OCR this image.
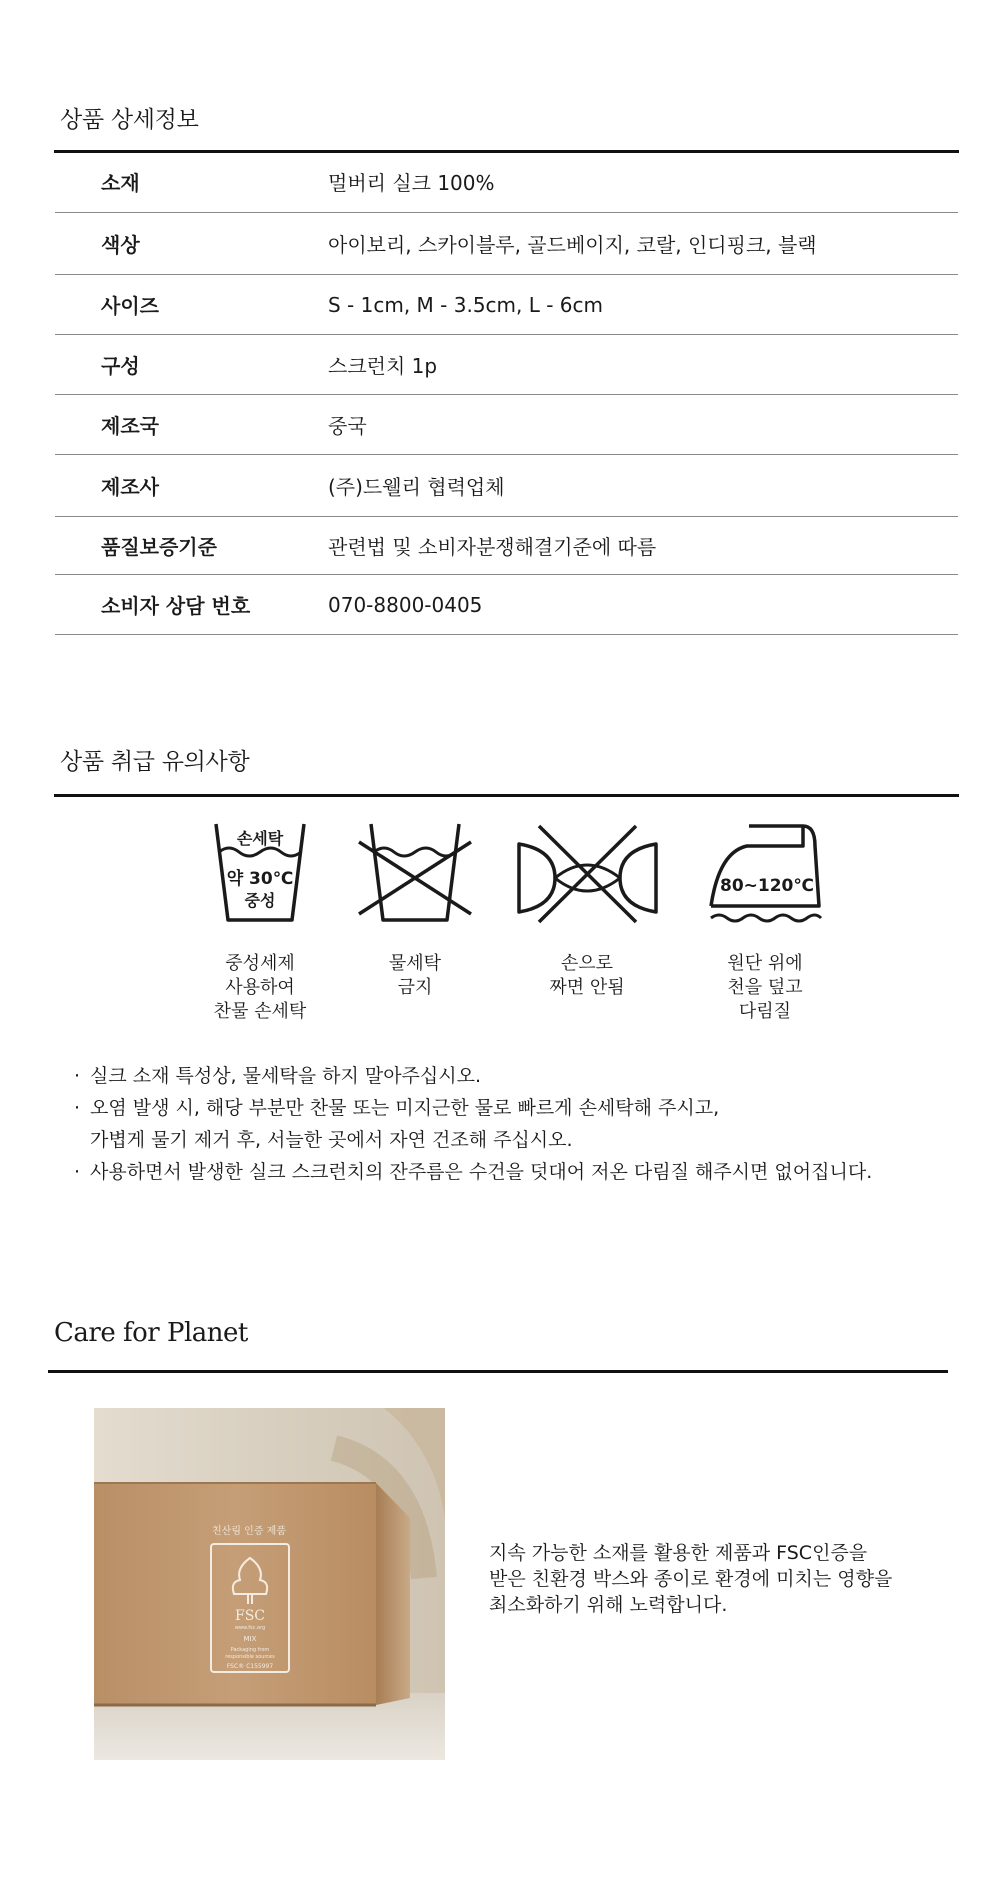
상품 상세정보
소재	멀버리 실크 100%
색상	아이보리, 스카이블루, 골드베이지, 코랄, 인디핑크, 블랙
사이즈	S - 1cm, M - 3.5cm, L - 6cm
구성	스크런치 1p
제조국	중국
제조사	(주)드웰리 협력업체
품질보증기준	관련법 및 소비자분쟁해결기준에 따름
소비자 상담 번호	070-8800-0405
상품 취급 유의사항
손세탁
약 30℃
중성
중성세제
사용하여
찬물 손세탁
물세탁
금지
손으로
짜면 안됨
80~120℃
원단 위에
천을 덮고
다림질
· 실크 소재 특성상, 물세탁을 하지 말아주십시오.
· 오염 발생 시, 해당 부분만 찬물 또는 미지근한 물로 빠르게 손세탁해 주시고,
가볍게 물기 제거 후, 서늘한 곳에서 자연 건조해 주십시오.
· 사용하면서 발생한 실크 스크런치의 잔주름은 수건을 덧대어 저온 다림질 해주시면 없어집니다.
Care for Planet
친산림 인증 제품
FSC
www.fsc.org
MIX
Packaging from
responsible sources
FSC® C155997
지속 가능한 소재를 활용한 제품과 FSC인증을
받은 친환경 박스와 종이로 환경에 미치는 영향을
최소화하기 위해 노력합니다.
